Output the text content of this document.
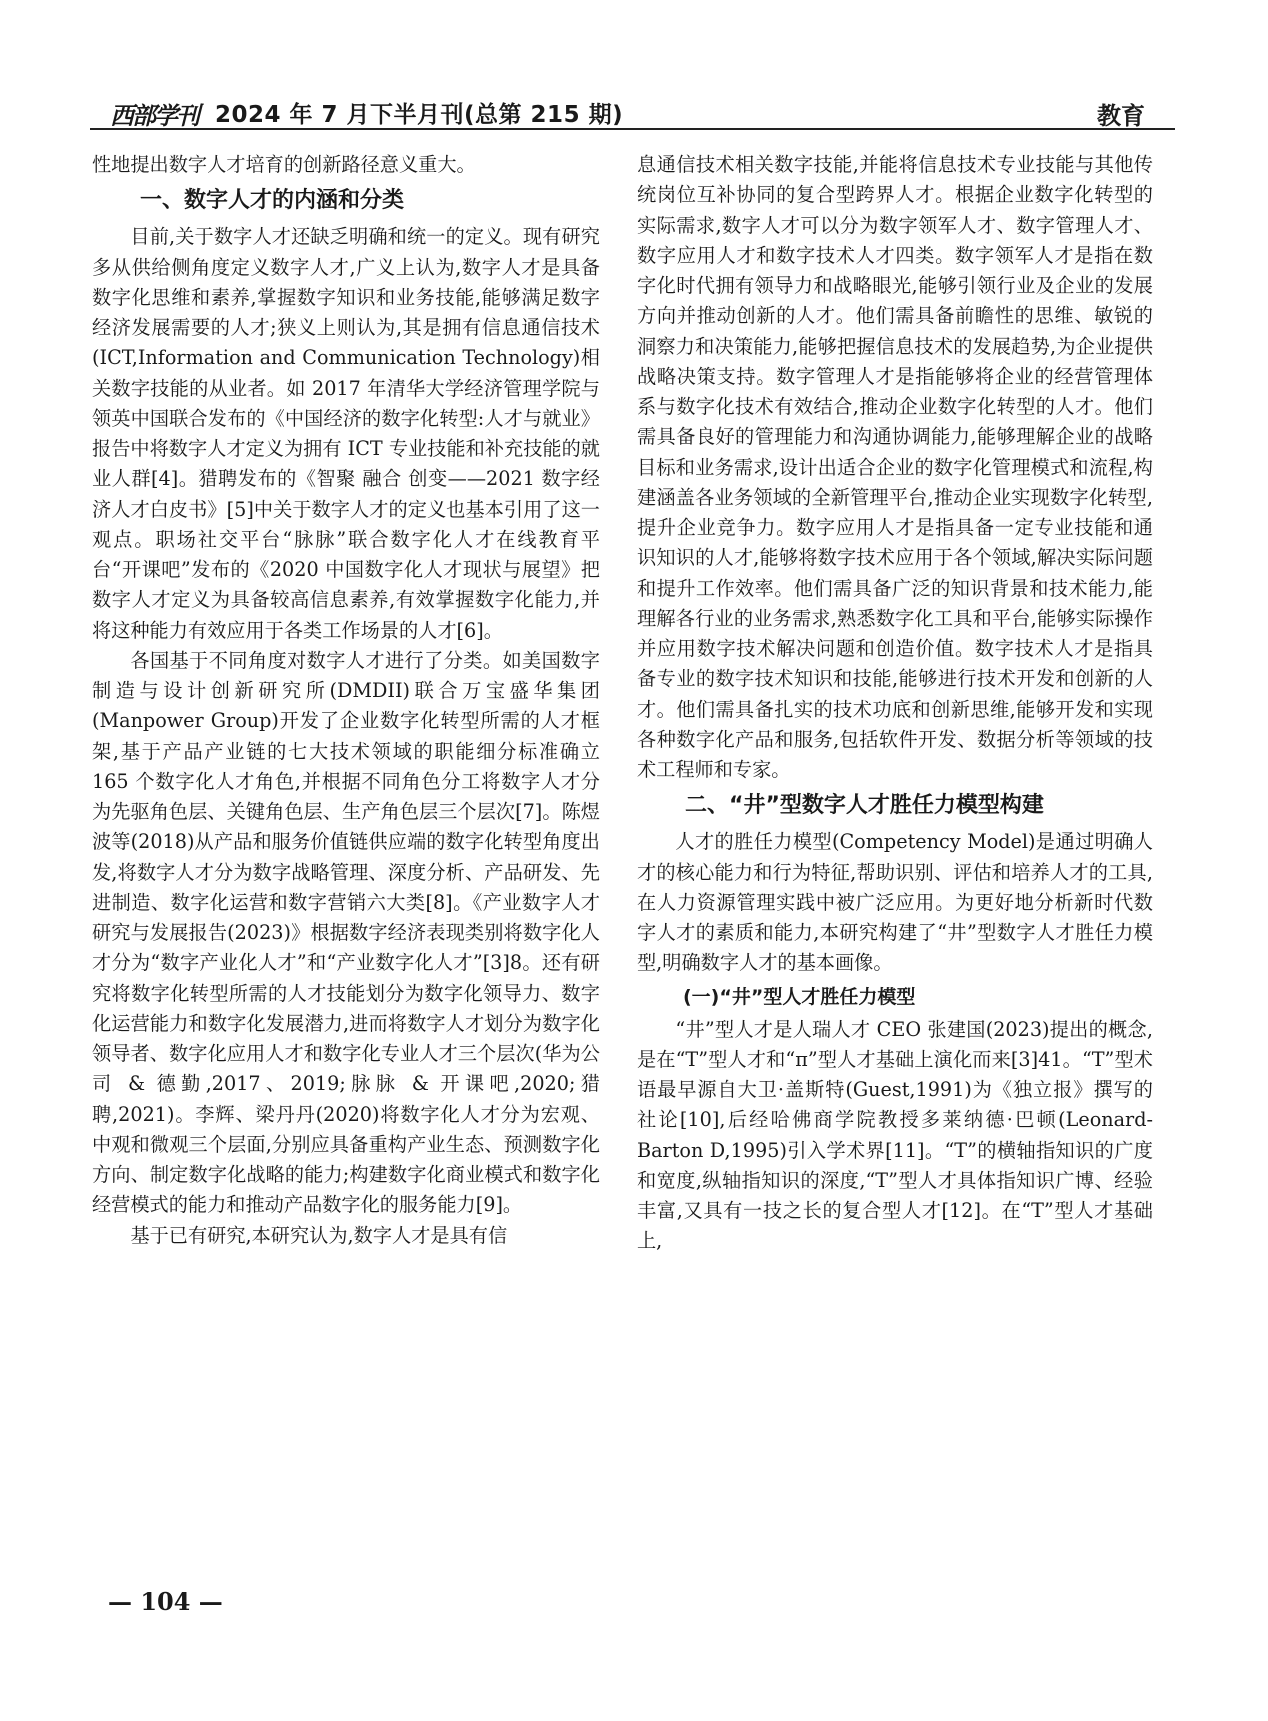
西部学刊 2024 年 7 月下半月刊(总第 215 期)	教育

性地提出数字人才培育的创新路径意义重大。

一、数字人才的内涵和分类

目前,关于数字人才还缺乏明确和统一的定义。现有研究多从供给侧角度定义数字人才,广义上认为,数字人才是具备数字化思维和素养,掌握数字知识和业务技能,能够满足数字经济发展需要的人才;狭义上则认为,其是拥有信息通信技术(ICT,Information and Communication Technology)相关数字技能的从业者。如 2017 年清华大学经济管理学院与领英中国联合发布的《中国经济的数字化转型:人才与就业》报告中将数字人才定义为拥有 ICT 专业技能和补充技能的就业人群[4]。猎聘发布的《智聚 融合 创变——2021 数字经济人才白皮书》[5]中关于数字人才的定义也基本引用了这一观点。职场社交平台“脉脉”联合数字化人才在线教育平台“开课吧”发布的《2020 中国数字化人才现状与展望》把数字人才定义为具备较高信息素养,有效掌握数字化能力,并将这种能力有效应用于各类工作场景的人才[6]。

各国基于不同角度对数字人才进行了分类。如美国数字制造与设计创新研究所(DMDII)联合万宝盛华集团(Manpower Group)开发了企业数字化转型所需的人才框架,基于产品产业链的七大技术领域的职能细分标准确立 165 个数字化人才角色,并根据不同角色分工将数字人才分为先驱角色层、关键角色层、生产角色层三个层次[7]。陈煜波等(2018)从产品和服务价值链供应端的数字化转型角度出发,将数字人才分为数字战略管理、深度分析、产品研发、先进制造、数字化运营和数字营销六大类[8]。《产业数字人才研究与发展报告(2023)》根据数字经济表现类别将数字化人才分为“数字产业化人才”和“产业数字化人才”[3]8。还有研究将数字化转型所需的人才技能划分为数字化领导力、数字化运营能力和数字化发展潜力,进而将数字人才划分为数字化领导者、数字化应用人才和数字化专业人才三个层次(华为公司 & 德勤,2017、2019;脉脉 & 开课吧,2020;猎聘,2021)。李辉、梁丹丹(2020)将数字化人才分为宏观、中观和微观三个层面,分别应具备重构产业生态、预测数字化方向、制定数字化战略的能力;构建数字化商业模式和数字化经营模式的能力和推动产品数字化的服务能力[9]。

基于已有研究,本研究认为,数字人才是具有信

息通信技术相关数字技能,并能将信息技术专业技能与其他传统岗位互补协同的复合型跨界人才。根据企业数字化转型的实际需求,数字人才可以分为数字领军人才、数字管理人才、数字应用人才和数字技术人才四类。数字领军人才是指在数字化时代拥有领导力和战略眼光,能够引领行业及企业的发展方向并推动创新的人才。他们需具备前瞻性的思维、敏锐的洞察力和决策能力,能够把握信息技术的发展趋势,为企业提供战略决策支持。数字管理人才是指能够将企业的经营管理体系与数字化技术有效结合,推动企业数字化转型的人才。他们需具备良好的管理能力和沟通协调能力,能够理解企业的战略目标和业务需求,设计出适合企业的数字化管理模式和流程,构建涵盖各业务领域的全新管理平台,推动企业实现数字化转型,提升企业竞争力。数字应用人才是指具备一定专业技能和通识知识的人才,能够将数字技术应用于各个领域,解决实际问题和提升工作效率。他们需具备广泛的知识背景和技术能力,能理解各行业的业务需求,熟悉数字化工具和平台,能够实际操作并应用数字技术解决问题和创造价值。数字技术人才是指具备专业的数字技术知识和技能,能够进行技术开发和创新的人才。他们需具备扎实的技术功底和创新思维,能够开发和实现各种数字化产品和服务,包括软件开发、数据分析等领域的技术工程师和专家。

二、“井”型数字人才胜任力模型构建

人才的胜任力模型(Competency Model)是通过明确人才的核心能力和行为特征,帮助识别、评估和培养人才的工具,在人力资源管理实践中被广泛应用。为更好地分析新时代数字人才的素质和能力,本研究构建了“井”型数字人才胜任力模型,明确数字人才的基本画像。

(一)“井”型人才胜任力模型

“井”型人才是人瑞人才 CEO 张建国(2023)提出的概念,是在“T”型人才和“π”型人才基础上演化而来[3]41。“T”型术语最早源自大卫·盖斯特(Guest,1991)为《独立报》撰写的社论[10],后经哈佛商学院教授多莱纳德·巴顿(Leonard-Barton D,1995)引入学术界[11]。“T”的横轴指知识的广度和宽度,纵轴指知识的深度,“T”型人才具体指知识广博、经验丰富,又具有一技之长的复合型人才[12]。在“T”型人才基础上,

— 104 —
